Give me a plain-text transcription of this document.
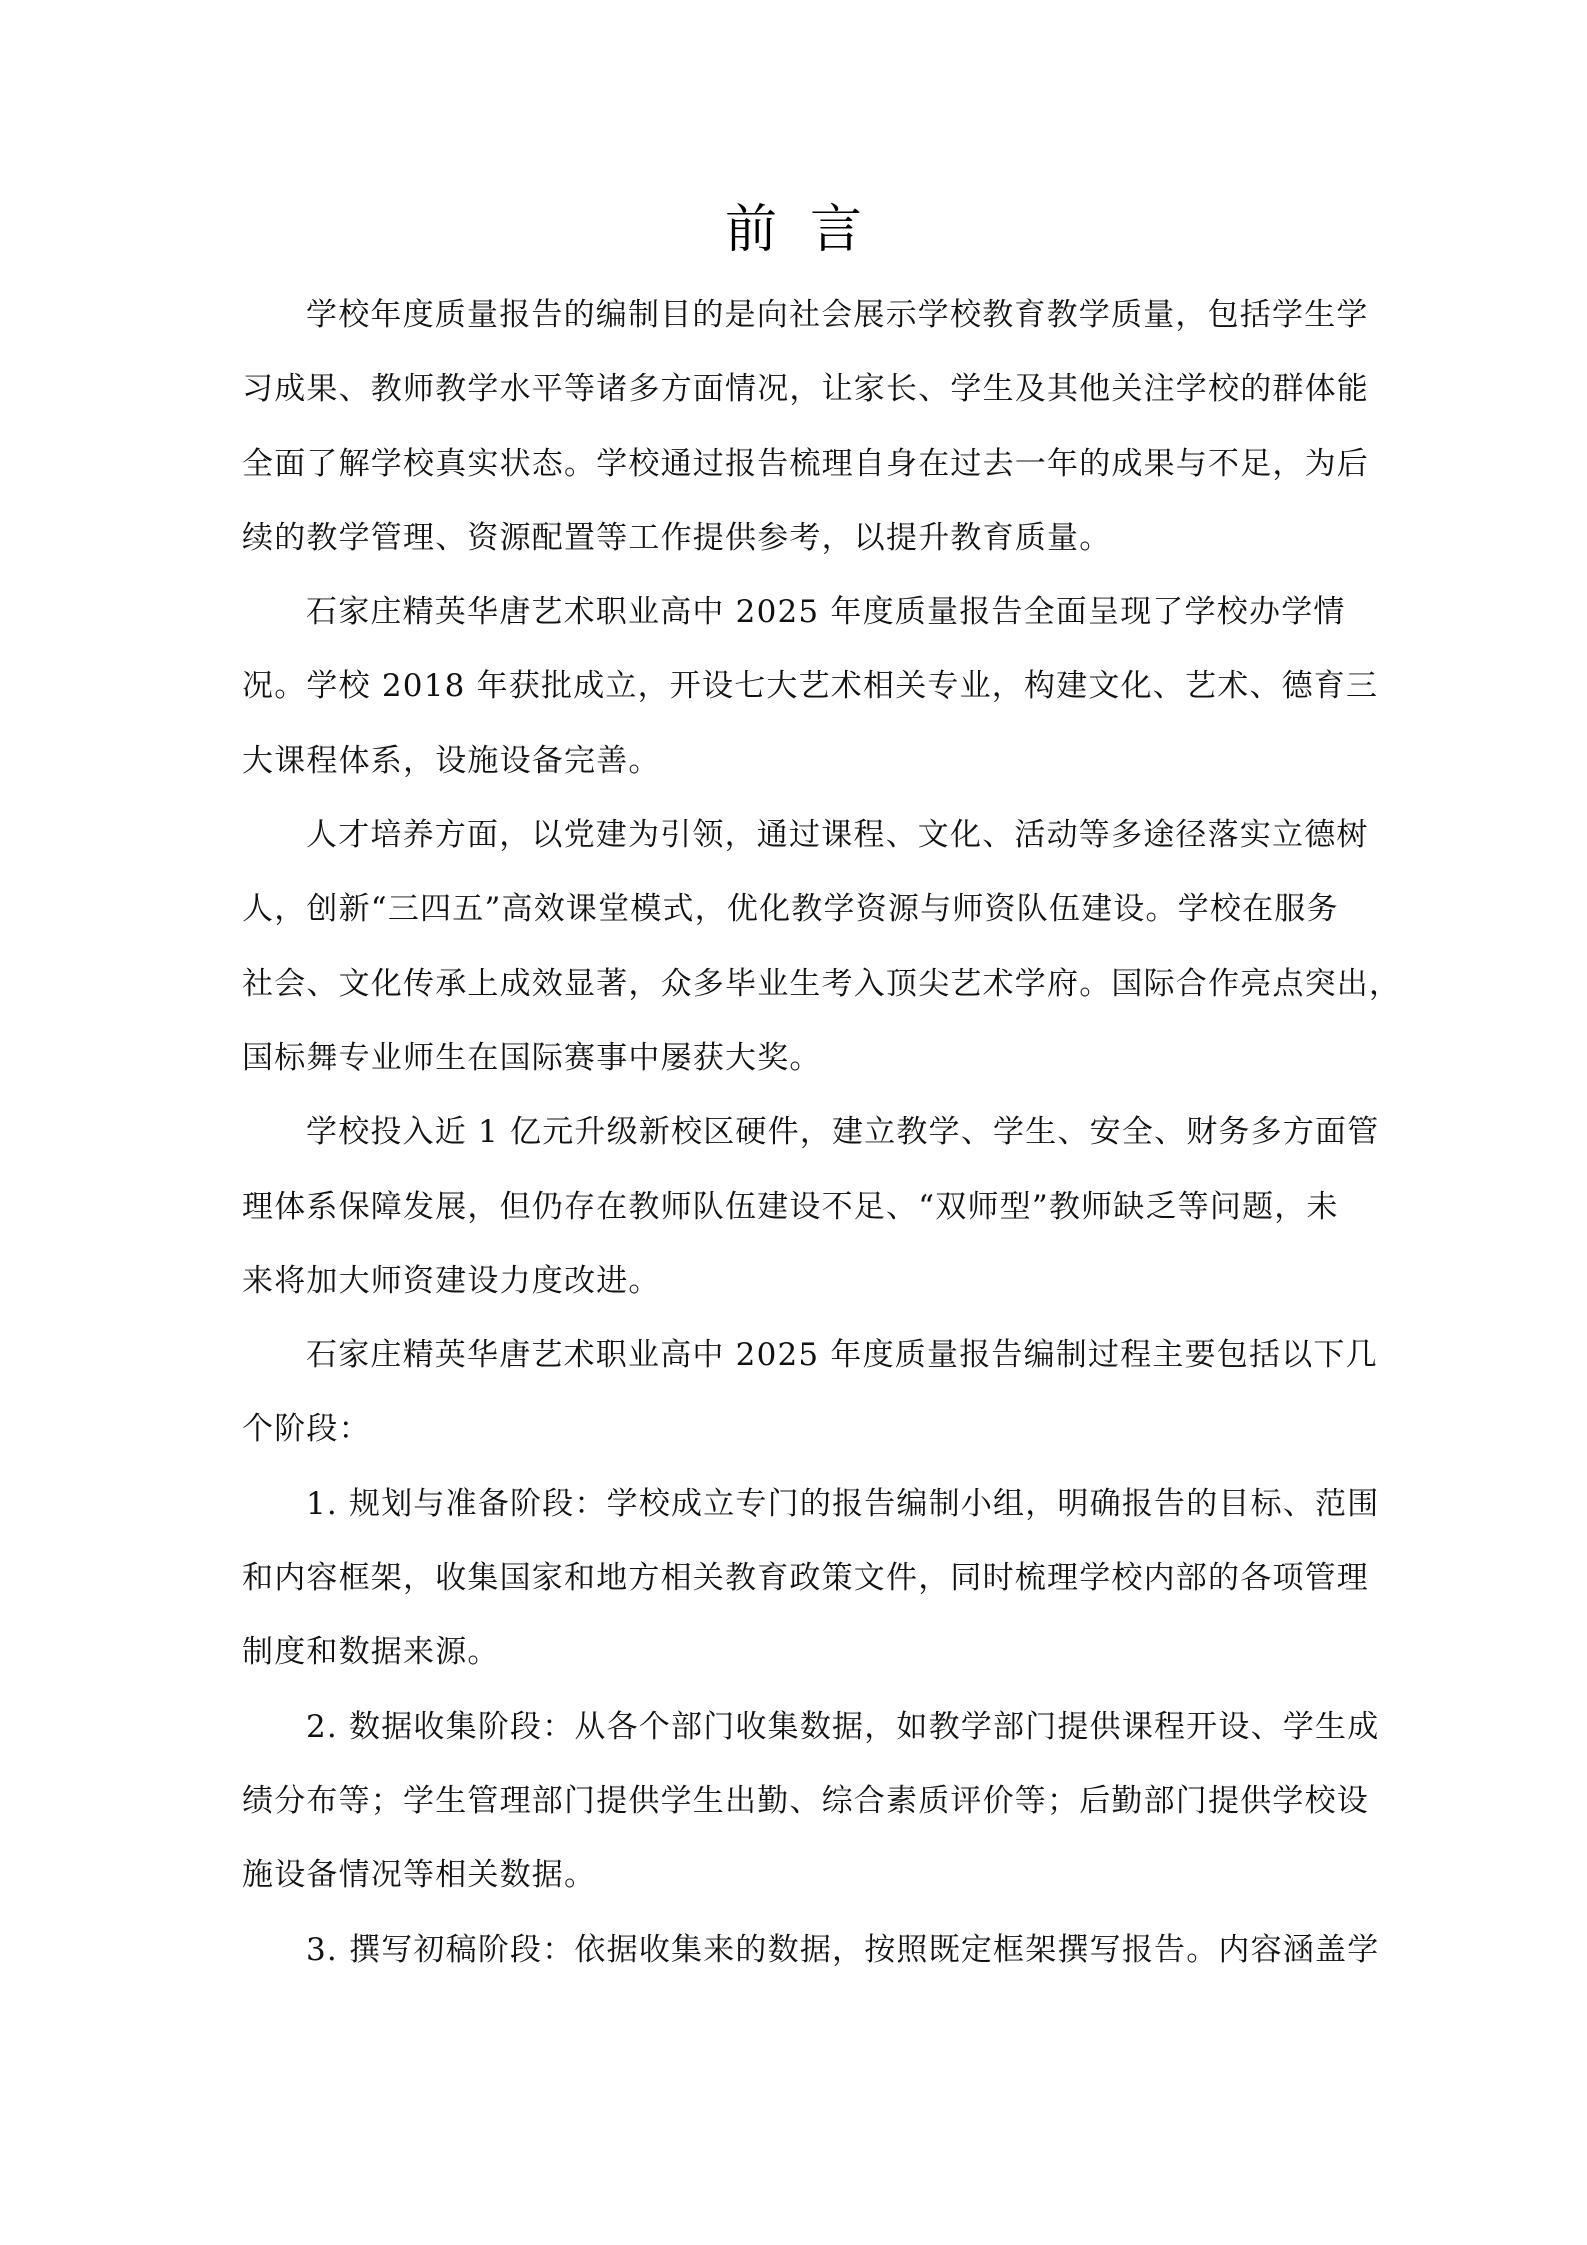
前  言
学校年度质量报告的编制目的是向社会展示学校教育教学质量，包括学生学
习成果、教师教学水平等诸多方面情况，让家长、学生及其他关注学校的群体能
全面了解学校真实状态。学校通过报告梳理自身在过去一年的成果与不足，为后
续的教学管理、资源配置等工作提供参考，以提升教育质量。
石家庄精英华唐艺术职业高中 2025 年度质量报告全面呈现了学校办学情
况。学校 2018 年获批成立，开设七大艺术相关专业，构建文化、艺术、德育三
大课程体系，设施设备完善。
人才培养方面，以党建为引领，通过课程、文化、活动等多途径落实立德树
人，创新“三四五”高效课堂模式，优化教学资源与师资队伍建设。学校在服务
社会、文化传承上成效显著，众多毕业生考入顶尖艺术学府。国际合作亮点突出，
国标舞专业师生在国际赛事中屡获大奖。
学校投入近 1 亿元升级新校区硬件，建立教学、学生、安全、财务多方面管
理体系保障发展，但仍存在教师队伍建设不足、“双师型”教师缺乏等问题，未
来将加大师资建设力度改进。
石家庄精英华唐艺术职业高中 2025 年度质量报告编制过程主要包括以下几
个阶段：
1. 规划与准备阶段：学校成立专门的报告编制小组，明确报告的目标、范围
和内容框架，收集国家和地方相关教育政策文件，同时梳理学校内部的各项管理
制度和数据来源。
2. 数据收集阶段：从各个部门收集数据，如教学部门提供课程开设、学生成
绩分布等；学生管理部门提供学生出勤、综合素质评价等；后勤部门提供学校设
施设备情况等相关数据。
3. 撰写初稿阶段：依据收集来的数据，按照既定框架撰写报告。内容涵盖学
